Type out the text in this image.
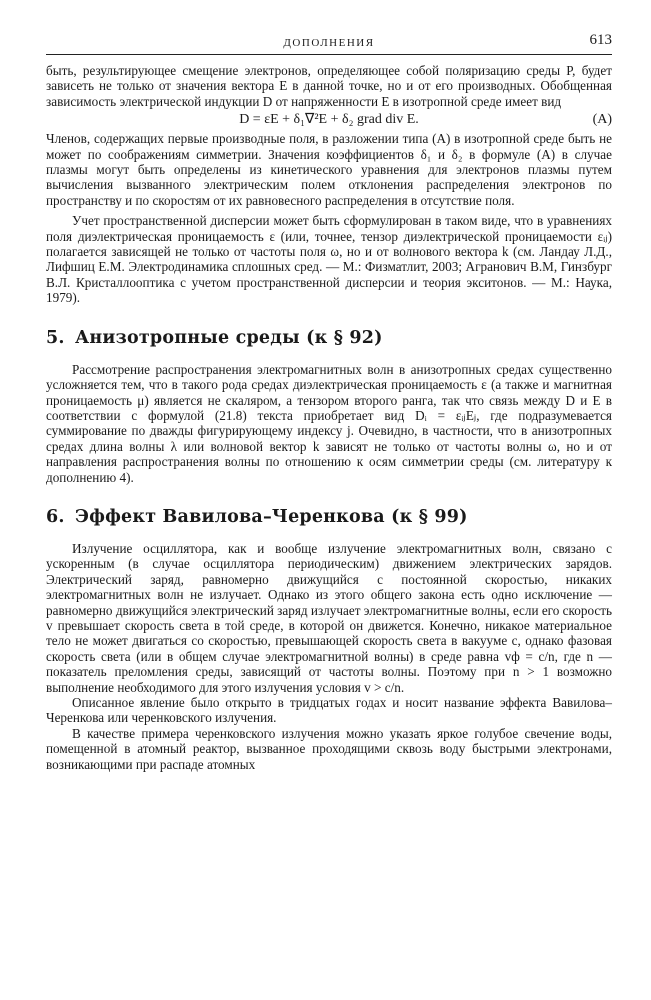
ДОПОЛНЕНИЯ	613

быть, результирующее смещение электронов, определяющее собой поляризацию среды P, будет зависеть не только от значения вектора E в данной точке, но и от его производных. Обобщенная зависимость электрической индукции D от напряженности E в изотропной среде имеет вид

D = εE + δ₁∇²E + δ₂ grad div E.	(A)

Членов, содержащих первые производные поля, в разложении типа (A) в изотропной среде быть не может по соображениям симметрии. Значения коэффициентов δ₁ и δ₂ в формуле (A) в случае плазмы могут быть определены из кинетического уравнения для электронов плазмы путем вычисления вызванного электрическим полем отклонения распределения электронов по пространству и по скоростям от их равновесного распределения в отсутствие поля.

Учет пространственной дисперсии может быть сформулирован в таком виде, что в уравнениях поля диэлектрическая проницаемость ε (или, точнее, тензор диэлектрической проницаемости εᵢⱼ) полагается зависящей не только от частоты поля ω, но и от волнового вектора k (см. Ландау Л.Д., Лифшиц Е.М. Электродинамика сплошных сред. — М.: Физматлит, 2003; Агранович В.М, Гинзбург В.Л. Кристаллооптика с учетом пространственной дисперсии и теория экситонов. — М.: Наука, 1979).

5. Анизотропные среды (к § 92)

Рассмотрение распространения электромагнитных волн в анизотропных средах существенно усложняется тем, что в такого рода средах диэлектрическая проницаемость ε (а также и магнитная проницаемость μ) является не скаляром, а тензором второго ранга, так что связь между D и E в соответствии с формулой (21.8) текста приобретает вид Dᵢ = εᵢⱼEⱼ, где подразумевается суммирование по дважды фигурирующему индексу j. Очевидно, в частности, что в анизотропных средах длина волны λ или волновой вектор k зависят не только от частоты волны ω, но и от направления распространения волны по отношению к осям симметрии среды (см. литературу к дополнению 4).

6. Эффект Вавилова–Черенкова (к § 99)

Излучение осциллятора, как и вообще излучение электромагнитных волн, связано с ускоренным (в случае осциллятора периодическим) движением электрических зарядов. Электрический заряд, равномерно движущийся с постоянной скоростью, никаких электромагнитных волн не излучает. Однако из этого общего закона есть одно исключение — равномерно движущийся электрический заряд излучает электромагнитные волны, если его скорость v превышает скорость света в той среде, в которой он движется. Конечно, никакое материальное тело не может двигаться со скоростью, превышающей скорость света в вакууме c, однако фазовая скорость света (или в общем случае электромагнитной волны) в среде равна vф = c/n, где n — показатель преломления среды, зависящий от частоты волны. Поэтому при n > 1 возможно выполнение необходимого для этого излучения условия v > c/n.

Описанное явление было открыто в тридцатых годах и носит название эффекта Вавилова–Черенкова или черенковского излучения.

В качестве примера черенковского излучения можно указать яркое голубое свечение воды, помещенной в атомный реактор, вызванное проходящими сквозь воду быстрыми электронами, возникающими при распаде атомных
